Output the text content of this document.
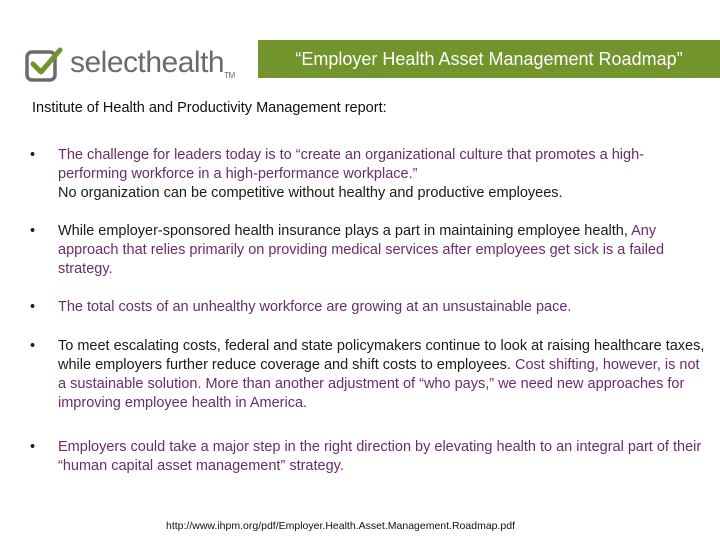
selecthealthTM
“Employer Health Asset Management Roadmap”
Institute of Health and Productivity Management report:
•	The challenge for leaders today is to “create an organizational culture that promotes a high-performing workforce in a high-performance workplace.”
No organization can be competitive without healthy and productive employees.
•	While employer-sponsored health insurance plays a part in maintaining employee health, Any approach that relies primarily on providing medical services after employees get sick is a failed strategy.
•	The total costs of an unhealthy workforce are growing at an unsustainable pace.
•	To meet escalating costs, federal and state policymakers continue to look at raising healthcare taxes, while employers further reduce coverage and shift costs to employees. Cost shifting, however, is not a sustainable solution. More than another adjustment of “who pays,” we need new approaches for improving employee health in America.
•	Employers could take a major step in the right direction by elevating health to an integral part of their “human capital asset management” strategy.
http://www.ihpm.org/pdf/Employer.Health.Asset.Management.Roadmap.pdf
